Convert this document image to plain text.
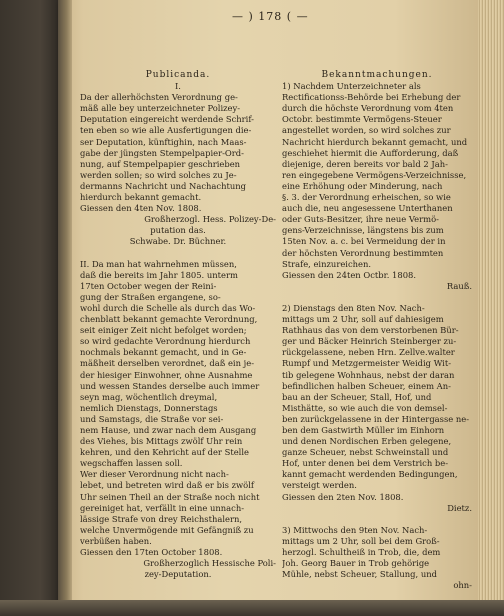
— ) 178 ( —
Publicanda.
I.
Da der allerhöchsten Verordnung ge-
mäß alle bey unterzeichneter Polizey-
Deputation eingereicht werdende Schrif-
ten eben so wie alle Ausfertigungen die-
ser Deputation, künftighin, nach Maas-
gabe der jüngsten Stempelpapier-Ord-
nung, auf Stempelpapier geschrieben
werden sollen; so wird solches zu Je-
dermanns Nachricht und Nachachtung
hierdurch bekannt gemacht.
Giessen den 4ten Nov. 1808.
Großherzogl. Hess. Polizey-De-
putation das.
Schwabe. Dr. Büchner.
II. Da man hat wahrnehmen müssen,
daß die bereits im Jahr 1805. unterm
17ten October wegen der Reini-
gung der Straßen ergangene, so-
wohl durch die Schelle als durch das Wo-
chenblatt bekannt gemachte Verordnung,
seit einiger Zeit nicht befolget worden;
so wird gedachte Verordnung hierdurch
nochmals bekannt gemacht, und in Ge-
mäßheit derselben verordnet, daß ein je-
der hiesiger Einwohner, ohne Ausnahme
und wessen Standes derselbe auch immer
seyn mag, wöchentlich dreymal,
nemlich Dienstags, Donnerstags
und Samstags, die Straße vor sei-
nem Hause, und zwar nach dem Ausgang
des Viehes, bis Mittags zwölf Uhr rein
kehren, und den Kehricht auf der Stelle
wegschaffen lassen soll.
Wer dieser Verordnung nicht nach-
lebet, und betreten wird daß er bis zwölf
Uhr seinen Theil an der Straße noch nicht
gereiniget hat, verfällt in eine unnach-
lässige Strafe von drey Reichsthalern,
welche Unvermögende mit Gefängniß zu
verbüßen haben.
Giessen den 17ten October 1808.
Großherzoglich Hessische Poli-
zey-Deputation.
Bekanntmachungen.
1) Nachdem Unterzeichneter als
Rectificationss-Behörde bei Erhebung der
durch die höchste Verordnung vom 4ten
Octobr. bestimmte Vermögens-Steuer
angestellet worden, so wird solches zur
Nachricht hierdurch bekannt gemacht, und
geschiehet hiermit die Aufforderung, daß
diejenige, deren bereits vor bald 2 Jah-
ren eingegebene Vermögens-Verzeichnisse,
eine Erhöhung oder Minderung, nach
§. 3. der Verordnung erheischen, so wie
auch die, neu angesessene Unterthanen
oder Guts-Besitzer, ihre neue Vermö-
gens-Verzeichnisse, längstens bis zum
15ten Nov. a. c. bei Vermeidung der in
der höchsten Verordnung bestimmten
Strafe, einzureichen.
Giessen den 24ten Octbr. 1808.
Rauß.
2) Dienstags den 8ten Nov. Nach-
mittags um 2 Uhr, soll auf dahiesigem
Rathhaus das von dem verstorbenen Bür-
ger und Bäcker Heinrich Steinberger zu-
rückgelassene, neben Hrn. Zellve.walter
Rumpf und Metzgermeister Weidig Wit-
tib gelegene Wohnhaus, nebst der daran
befindlichen halben Scheuer, einem An-
bau an der Scheuer, Stall, Hof, und
Misthätte, so wie auch die von demsel-
ben zurückgelassene in der Hintergasse ne-
ben dem Gastwirth Müller im Einhorn
und denen Nordischen Erben gelegene,
ganze Scheuer, nebst Schweinstall und
Hof, unter denen bei dem Verstrich be-
kannt gemacht werdenden Bedingungen,
versteigt werden.
Giessen den 2ten Nov. 1808.
Dietz.
3) Mittwochs den 9ten Nov. Nach-
mittags um 2 Uhr, soll bei dem Groß-
herzogl. Schultheiß in Trob, die, dem
Joh. Georg Bauer in Trob gehörige
Mühle, nebst Scheuer, Stallung, und
ohn-
